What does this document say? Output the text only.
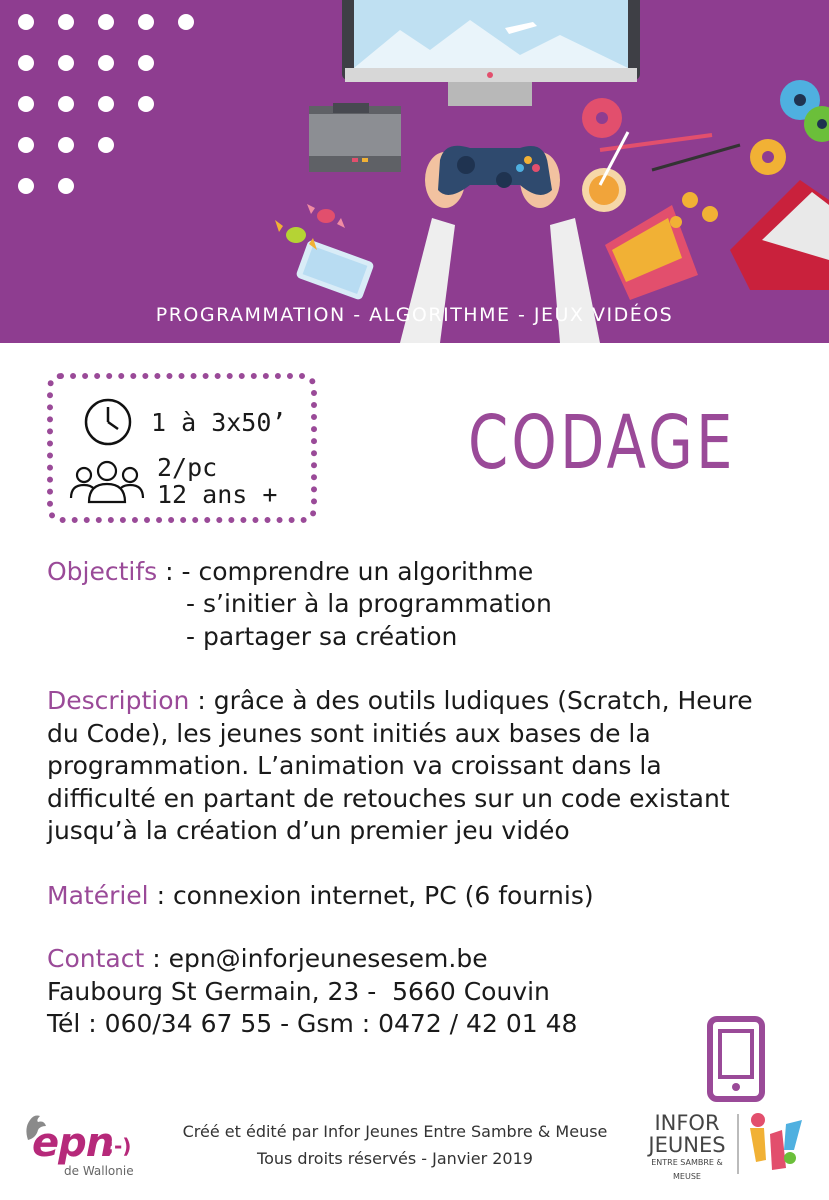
PROGRAMMATION - ALGORITHME - JEUX VIDÉOS
1 à 3x50’
2/pc
12 ans +
CODAGE
Objectifs : - comprendre un algorithme
- s’initier à la programmation
- partager sa création
Description : grâce à des outils ludiques (Scratch, Heure du Code), les jeunes sont initiés aux bases de la programmation. L’animation va croissant dans la difficulté en partant de retouches sur un code existant jusqu’à la création d’un premier jeu vidéo
Matériel : connexion internet, PC (6 fournis)
Contact : epn@inforjeunesesem.be
Faubourg St Germain, 23 -  5660 Couvin
Tél : 060/34 67 55 - Gsm : 0472 / 42 01 48
epn
;-)
de Wallonie
Créé et édité par Infor Jeunes Entre Sambre & Meuse
Tous droits réservés - Janvier 2019
INFOR
JEUNES
ENTRE SAMBRE & MEUSE
